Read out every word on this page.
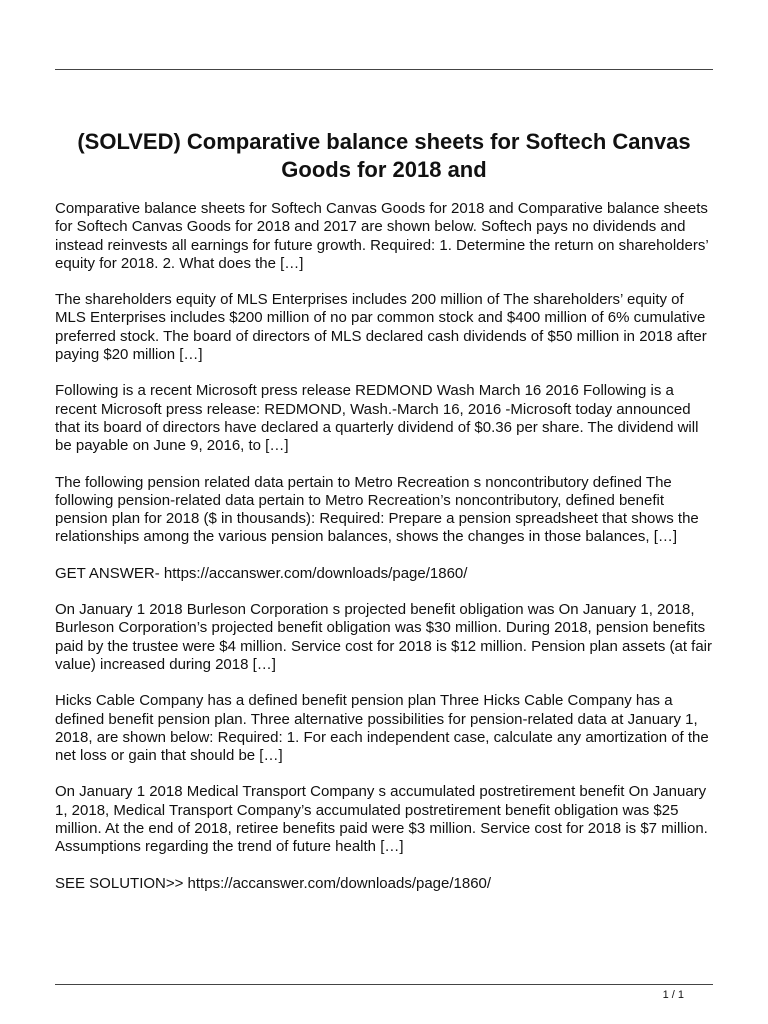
(SOLVED) Comparative balance sheets for Softech Canvas Goods for 2018 and

Comparative balance sheets for Softech Canvas Goods for 2018 and Comparative balance sheets for Softech Canvas Goods for 2018 and 2017 are shown below. Softech pays no dividends and instead reinvests all earnings for future growth. Required: 1. Determine the return on shareholders’ equity for 2018. 2. What does the […]

The shareholders equity of MLS Enterprises includes 200 million of The shareholders’ equity of MLS Enterprises includes $200 million of no par common stock and $400 million of 6% cumulative preferred stock. The board of directors of MLS declared cash dividends of $50 million in 2018 after paying $20 million […]

Following is a recent Microsoft press release REDMOND Wash March 16 2016 Following is a recent Microsoft press release: REDMOND, Wash.-March 16, 2016 -Microsoft today announced that its board of directors have declared a quarterly dividend of $0.36 per share. The dividend will be payable on June 9, 2016, to […]

The following pension related data pertain to Metro Recreation s noncontributory defined The following pension-related data pertain to Metro Recreation’s noncontributory, defined benefit pension plan for 2018 ($ in thousands): Required: Prepare a pension spreadsheet that shows the relationships among the various pension balances, shows the changes in those balances, […]

GET ANSWER- https://accanswer.com/downloads/page/1860/

On January 1 2018 Burleson Corporation s projected benefit obligation was On January 1, 2018, Burleson Corporation’s projected benefit obligation was $30 million. During 2018, pension benefits paid by the trustee were $4 million. Service cost for 2018 is $12 million. Pension plan assets (at fair value) increased during 2018 […]

Hicks Cable Company has a defined benefit pension plan Three Hicks Cable Company has a defined benefit pension plan. Three alternative possibilities for pension-related data at January 1, 2018, are shown below: Required: 1. For each independent case, calculate any amortization of the net loss or gain that should be […]

On January 1 2018 Medical Transport Company s accumulated postretirement benefit On January 1, 2018, Medical Transport Company’s accumulated postretirement benefit obligation was $25 million. At the end of 2018, retiree benefits paid were $3 million. Service cost for 2018 is $7 million. Assumptions regarding the trend of future health […]

SEE SOLUTION>> https://accanswer.com/downloads/page/1860/

1 / 1
